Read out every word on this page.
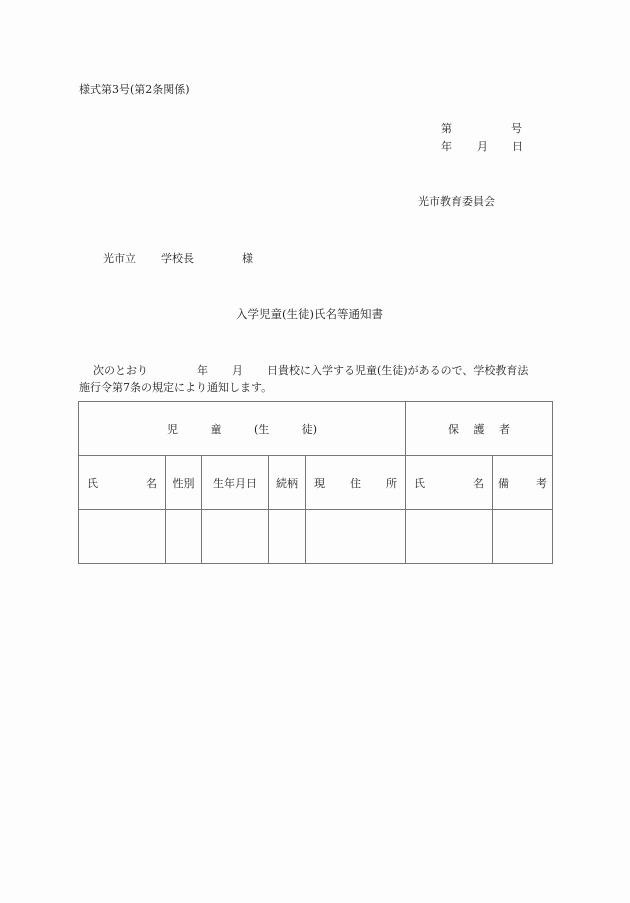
様式第3号(第2条関係)
第	号
年 月 日
光市教育委員会
光市立 学校長	様
入学児童(生徒)氏名等通知書
次のとおり	年 月 日貴校に入学する児童(生徒)があるので、学校教育法
施行令第7条の規定により通知します。
児 童 (生 徒)					保 護 者	

氏 名	性別	生年月日	続柄	現 住 所	氏 名	備 考
